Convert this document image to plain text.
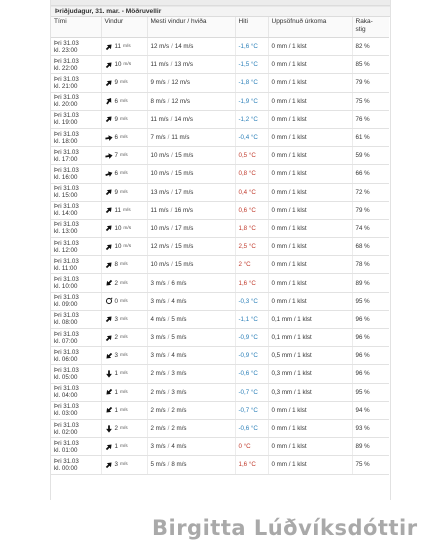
Þriðjudagur, 31. mar. - Möðruvellir
Tími	Vindur	Mesti vindur / hviða	Hiti	Uppsöfnuð úrkoma	Raka-
stig

Þri 31.03
kl. 23:00	11 m/s	12 m/s / 14 m/s	-1,6 °C	0 mm / 1 klst	82 %

Þri 31.03
kl. 22:00	10 m/s	11 m/s / 13 m/s	-1,5 °C	0 mm / 1 klst	85 %

Þri 31.03
kl. 21:00	9 m/s	9 m/s / 12 m/s	-1,8 °C	0 mm / 1 klst	79 %

Þri 31.03
kl. 20:00	6 m/s	8 m/s / 12 m/s	-1,9 °C	0 mm / 1 klst	75 %

Þri 31.03
kl. 19:00	9 m/s	11 m/s / 14 m/s	-1,2 °C	0 mm / 1 klst	76 %

Þri 31.03
kl. 18:00	6 m/s	7 m/s / 11 m/s	-0,4 °C	0 mm / 1 klst	61 %

Þri 31.03
kl. 17:00	7 m/s	10 m/s / 15 m/s	0,5 °C	0 mm / 1 klst	59 %

Þri 31.03
kl. 16:00	6 m/s	10 m/s / 15 m/s	0,8 °C	0 mm / 1 klst	66 %

Þri 31.03
kl. 15:00	9 m/s	13 m/s / 17 m/s	0,4 °C	0 mm / 1 klst	72 %

Þri 31.03
kl. 14:00	11 m/s	11 m/s / 16 m/s	0,6 °C	0 mm / 1 klst	79 %

Þri 31.03
kl. 13:00	10 m/s	10 m/s / 17 m/s	1,8 °C	0 mm / 1 klst	74 %

Þri 31.03
kl. 12:00	10 m/s	12 m/s / 15 m/s	2,5 °C	0 mm / 1 klst	68 %

Þri 31.03
kl. 11:00	8 m/s	10 m/s / 15 m/s	2 °C	0 mm / 1 klst	78 %

Þri 31.03
kl. 10:00	2 m/s	3 m/s / 6 m/s	1,6 °C	0 mm / 1 klst	89 %

Þri 31.03
kl. 09:00	0 m/s	3 m/s / 4 m/s	-0,3 °C	0 mm / 1 klst	95 %

Þri 31.03
kl. 08:00	3 m/s	4 m/s / 5 m/s	-1,1 °C	0,1 mm / 1 klst	96 %

Þri 31.03
kl. 07:00	2 m/s	3 m/s / 5 m/s	-0,9 °C	0,1 mm / 1 klst	96 %

Þri 31.03
kl. 06:00	3 m/s	3 m/s / 4 m/s	-0,9 °C	0,5 mm / 1 klst	96 %

Þri 31.03
kl. 05:00	1 m/s	2 m/s / 3 m/s	-0,6 °C	0,3 mm / 1 klst	96 %

Þri 31.03
kl. 04:00	1 m/s	2 m/s / 3 m/s	-0,7 °C	0,3 mm / 1 klst	95 %

Þri 31.03
kl. 03:00	1 m/s	2 m/s / 2 m/s	-0,7 °C	0 mm / 1 klst	94 %

Þri 31.03
kl. 02:00	2 m/s	2 m/s / 2 m/s	-0,6 °C	0 mm / 1 klst	93 %

Þri 31.03
kl. 01:00	1 m/s	3 m/s / 4 m/s	0 °C	0 mm / 1 klst	89 %

Þri 31.03
kl. 00:00	3 m/s	5 m/s / 8 m/s	1,6 °C	0 mm / 1 klst	75 %
Birgitta Lúðvíksdóttir
